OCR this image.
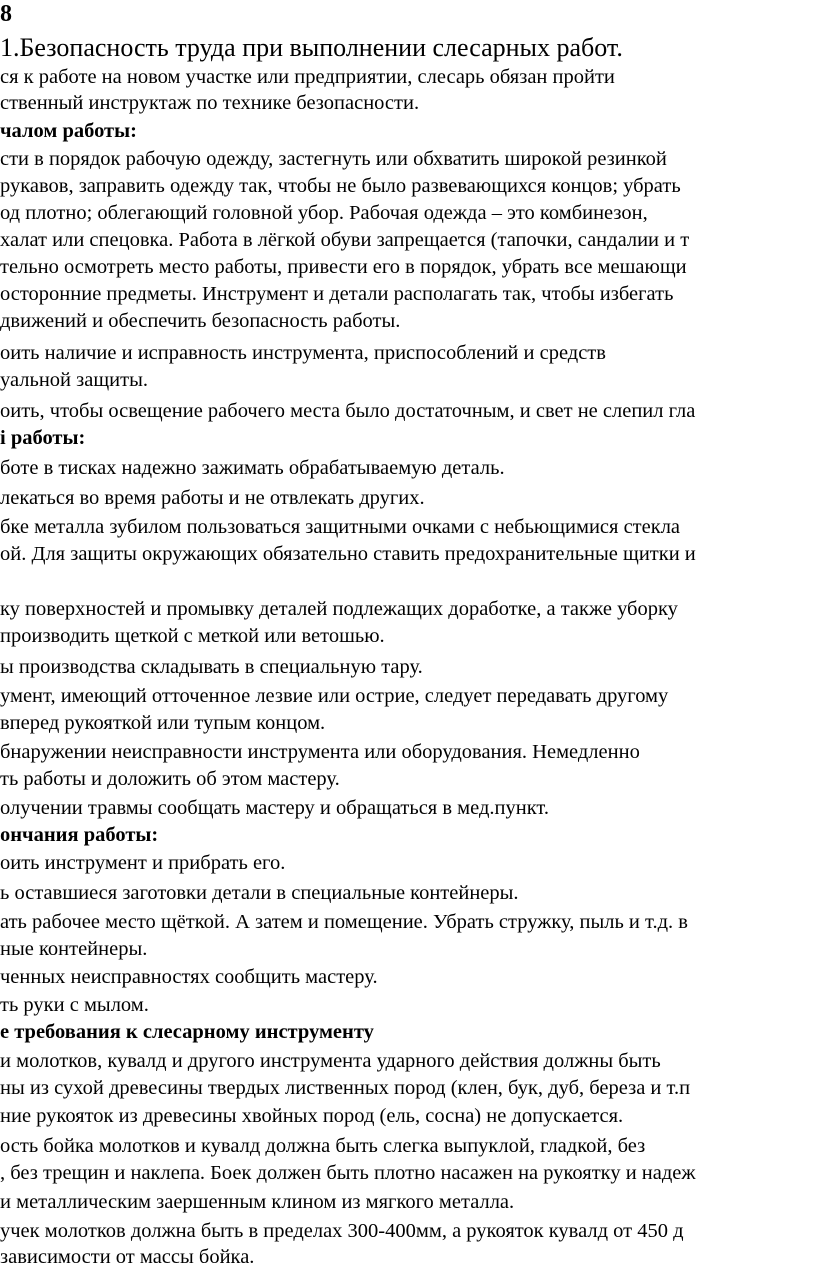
8
1.Безопасность труда при выполнении слесарных работ.
ся к работе на новом участке или предприятии, слесарь обязан пройти
ственный инструктаж по технике безопасности.
чалом работы:
сти в порядок рабочую одежду, застегнуть или обхватить широкой резинкой
рукавов, заправить одежду так, чтобы не было развевающихся концов; убрать
од плотно; облегающий головной убор. Рабочая одежда – это комбинезон,
халат или спецовка. Работа в лёгкой обуви запрещается (тапочки, сандалии и т
тельно осмотреть место работы, привести его в порядок, убрать все мешающи
осторонние предметы. Инструмент и детали располагать так, чтобы избегать
движений и обеспечить безопасность работы.
оить наличие и исправность инструмента, приспособлений и средств
уальной защиты.
оить, чтобы освещение рабочего места было достаточным, и свет не слепил гла
і работы:
боте в тисках надежно зажимать обрабатываемую деталь.
лекаться во время работы и не отвлекать других.
бке металла зубилом пользоваться защитными очками с небьющимися стекла
ой. Для защиты окружающих обязательно ставить предохранительные щитки и
ку поверхностей и промывку деталей подлежащих доработке, а также уборку
производить щеткой с меткой или ветошью.
ы производства складывать в специальную тару.
умент, имеющий отточенное лезвие или острие, следует передавать другому
вперед рукояткой или тупым концом.
бнаружении неисправности инструмента или оборудования. Немедленно
ть работы и доложить об этом мастеру.
олучении травмы сообщать мастеру и обращаться в мед.пункт.
ончания работы:
оить инструмент и прибрать его.
ь оставшиеся заготовки детали в специальные контейнеры.
ать рабочее место щёткой. А затем и помещение. Убрать стружку, пыль и т.д. в
ные контейнеры.
ченных неисправностях сообщить мастеру.
ть руки с мылом.
е требования к слесарному инструменту
и молотков, кувалд и другого инструмента ударного действия должны быть
ны из сухой древесины твердых лиственных пород (клен, бук, дуб, береза и т.п
ние рукояток из древесины хвойных пород (ель, сосна) не допускается.
ость бойка молотков и кувалд должна быть слегка выпуклой, гладкой, без
, без трещин и наклепа. Боек должен быть плотно насажен на рукоятку и надеж
и металлическим заершенным клином из мягкого металла.
учек молотков должна быть в пределах 300-400мм, а рукояток кувалд от 450 д
зависимости от массы бойка.
